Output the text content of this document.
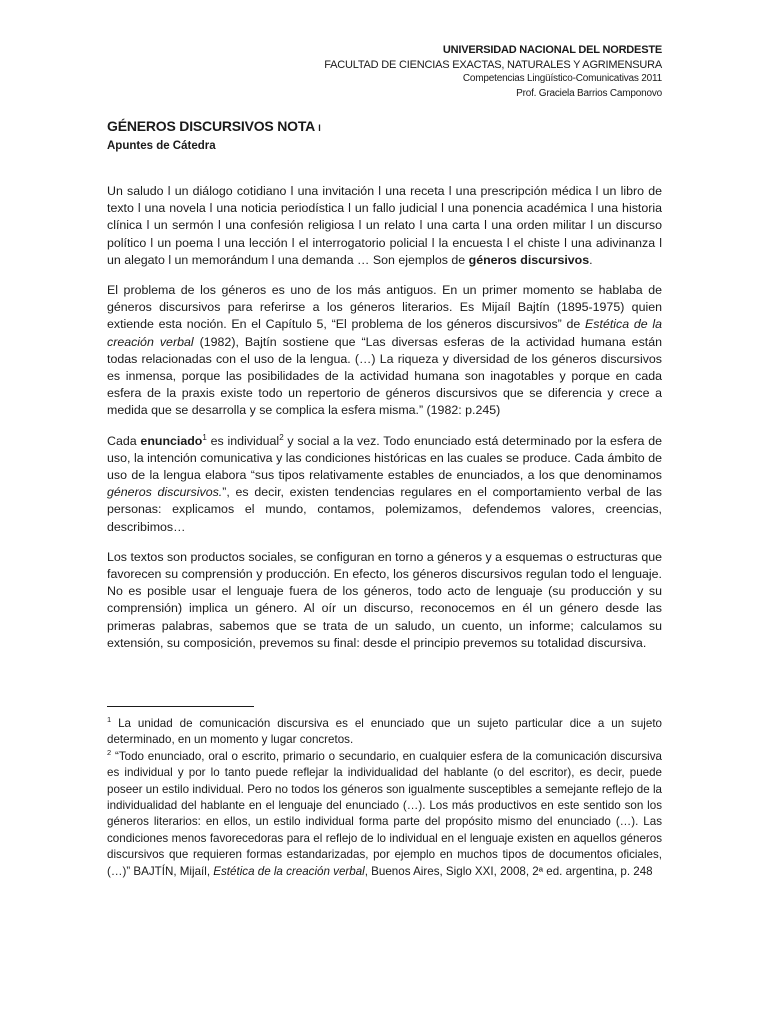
UNIVERSIDAD NACIONAL DEL NORDESTE
FACULTAD DE CIENCIAS EXACTAS, NATURALES Y AGRIMENSURA
Competencias Lingüístico-Comunicativas 2011
Prof. Graciela Barrios Camponovo
GÉNEROS DISCURSIVOS NOTA I
Apuntes de Cátedra

Un saludo l un diálogo cotidiano l una invitación l una receta l una prescripción médica l un libro de texto l una novela l una noticia periodística l un fallo judicial l una ponencia académica l una historia clínica l un sermón l una confesión religiosa l un relato l una carta l una orden militar l un discurso político l un poema l una lección l el interrogatorio policial l la encuesta l el chiste l una adivinanza l un alegato l un memorándum l una demanda … Son ejemplos de géneros discursivos.

El problema de los géneros es uno de los más antiguos. En un primer momento se hablaba de géneros discursivos para referirse a los géneros literarios. Es Mijaíl Bajtín (1895-1975) quien extiende esta noción. En el Capítulo 5, “El problema de los géneros discursivos” de Estética de la creación verbal (1982), Bajtín sostiene que “Las diversas esferas de la actividad humana están todas relacionadas con el uso de la lengua. (…) La riqueza y diversidad de los géneros discursivos es inmensa, porque las posibilidades de la actividad humana son inagotables y porque en cada esfera de la praxis existe todo un repertorio de géneros discursivos que se diferencia y crece a medida que se desarrolla y se complica la esfera misma.” (1982: p.245)

Cada enunciado$^1$ es individual$^2$ y social a la vez. Todo enunciado está determinado por la esfera de uso, la intención comunicativa y las condiciones históricas en las cuales se produce. Cada ámbito de uso de la lengua elabora “sus tipos relativamente estables de enunciados, a los que denominamos géneros discursivos.”, es decir, existen tendencias regulares en el comportamiento verbal de las personas: explicamos el mundo, contamos, polemizamos, defendemos valores, creencias, describimos…

Los textos son productos sociales, se configuran en torno a géneros y a esquemas o estructuras que favorecen su comprensión y producción. En efecto, los géneros discursivos regulan todo el lenguaje. No es posible usar el lenguaje fuera de los géneros, todo acto de lenguaje (su producción y su comprensión) implica un género. Al oír un discurso, reconocemos en él un género desde las primeras palabras, sabemos que se trata de un saludo, un cuento, un informe; calculamos su extensión, su composición, prevemos su final: desde el principio prevemos su totalidad discursiva.

$^1$ La unidad de comunicación discursiva es el enunciado que un sujeto particular dice a un sujeto determinado, en un momento y lugar concretos.

$^2$ “Todo enunciado, oral o escrito, primario o secundario, en cualquier esfera de la comunicación discursiva es individual y por lo tanto puede reflejar la individualidad del hablante (o del escritor), es decir, puede poseer un estilo individual. Pero no todos los géneros son igualmente susceptibles a semejante reflejo de la individualidad del hablante en el lenguaje del enunciado (…). Los más productivos en este sentido son los géneros literarios: en ellos, un estilo individual forma parte del propósito mismo del enunciado (…). Las condiciones menos favorecedoras para el reflejo de lo individual en el lenguaje existen en aquellos géneros discursivos que requieren formas estandarizadas, por ejemplo en muchos tipos de documentos oficiales, (…)” BAJTÍN, Mijaíl, Estética de la creación verbal, Buenos Aires, Siglo XXI, 2008, 2ª ed. argentina, p. 248
